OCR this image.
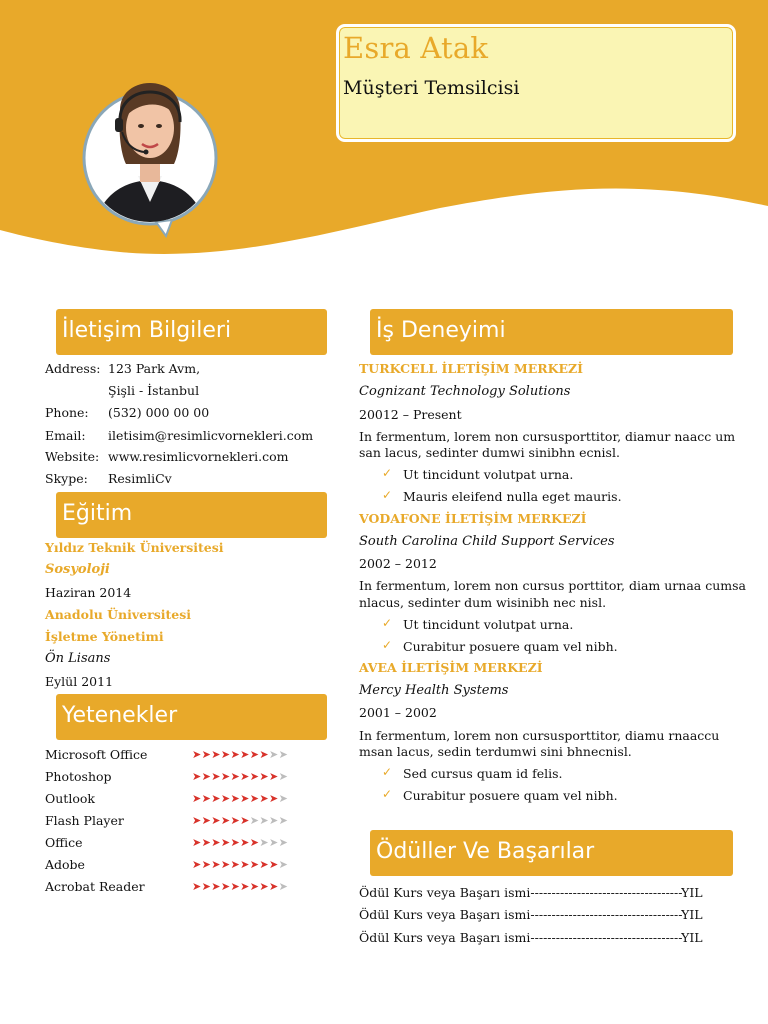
Esra Atak
Müşteri Temsilcisi
İletişim Bilgileri
Address: 123 Park Avm,
Şişli - İstanbul
Phone: (532) 000 00 00
Email: iletisim@resimlicvornekleri.com
Website: www.resimlicvornekleri.com
Skype: ResimliCv
Eğitim
Yıldız Teknik Üniversitesi
Sosyoloji
Haziran 2014
Anadolu Üniversitesi
İşletme Yönetimi
Ön Lisans
Eylül 2011
Yetenekler
Microsoft Office	➤➤➤➤➤➤➤➤➤➤
Photoshop	➤➤➤➤➤➤➤➤➤➤
Outlook	➤➤➤➤➤➤➤➤➤➤
Flash Player	➤➤➤➤➤➤➤➤➤➤
Office	➤➤➤➤➤➤➤➤➤➤
Adobe	➤➤➤➤➤➤➤➤➤➤
Acrobat Reader	➤➤➤➤➤➤➤➤➤➤
İş Deneyimi
TURKCELL İLETİŞİM MERKEZİ
Cognizant Technology Solutions
20012 – Present
In fermentum, lorem non cursusporttitor, diamur naacc um
san lacus, sedinter dumwi sinibhn ecnisl.
✓ Ut tincidunt volutpat urna.
✓ Mauris eleifend nulla eget mauris.
VODAFONE İLETİŞİM MERKEZİ
South Carolina Child Support Services
2002 – 2012
In fermentum, lorem non cursus porttitor, diam urnaa cumsa
nlacus, sedinter dum wisinibh nec nisl.
✓ Ut tincidunt volutpat urna.
✓ Curabitur posuere quam vel nibh.
AVEA İLETİŞİM MERKEZİ
Mercy Health Systems
2001 – 2002
In fermentum, lorem non cursusporttitor, diamu rnaaccu
msan lacus, sedin terdumwi sini bhnecnisl.
✓ Sed cursus quam id felis.
✓ Curabitur posuere quam vel nibh.
Ödüller Ve Başarılar
Ödül Kurs veya Başarı ismi------------------------------------YIL
Ödül Kurs veya Başarı ismi------------------------------------YIL
Ödül Kurs veya Başarı ismi------------------------------------YIL
